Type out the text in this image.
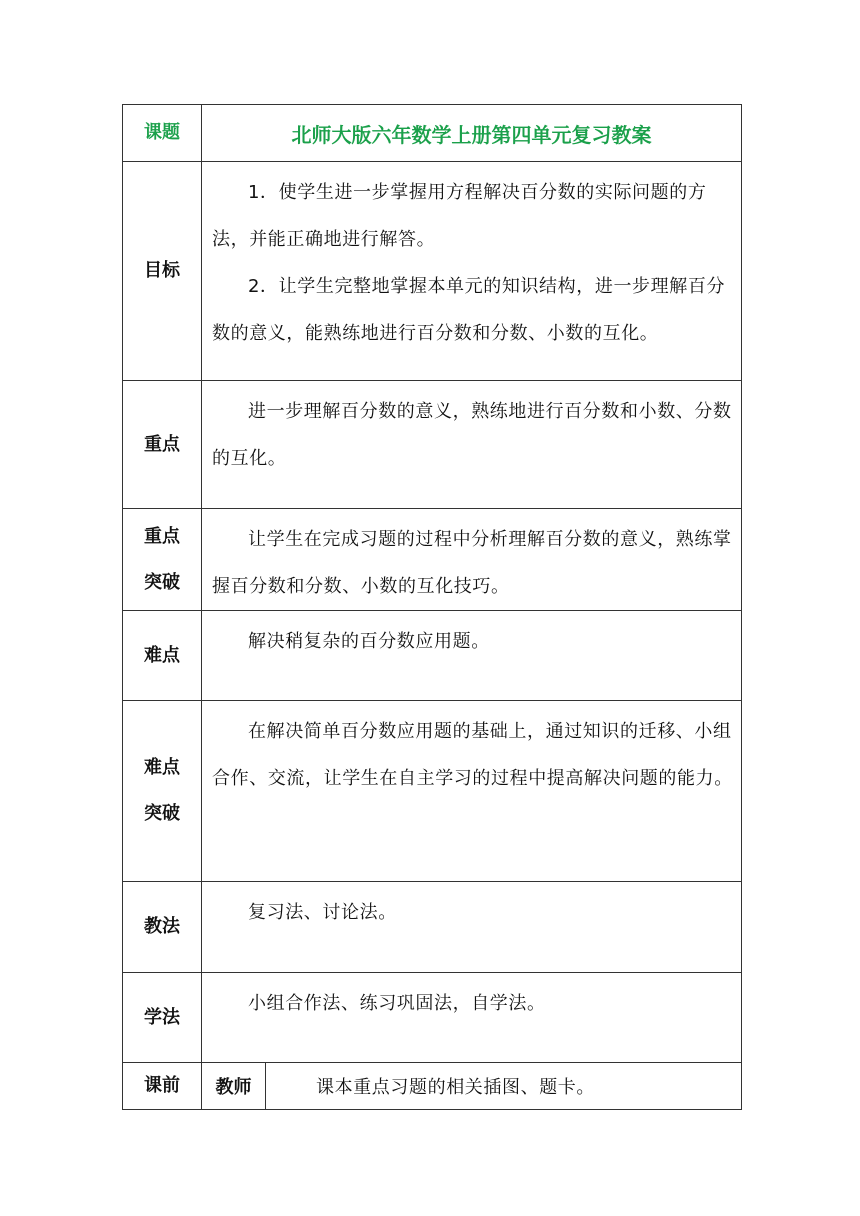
课题	北师大版六年数学上册第四单元复习教案	
目标	1．使学生进一步掌握用方程解决百分数的实际问题的方法，并能正确地进行解答。

2．让学生完整地掌握本单元的知识结构，进一步理解百分数的意义，能熟练地进行百分数和分数、小数的互化。	

重点	进一步理解百分数的意义，熟练地进行百分数和小数、分数的互化。	

重点
突破	让学生在完成习题的过程中分析理解百分数的意义，熟练掌握百分数和分数、小数的互化技巧。	

难点	解决稍复杂的百分数应用题。	

难点
突破	在解决简单百分数应用题的基础上，通过知识的迁移、小组合作、交流，让学生在自主学习的过程中提高解决问题的能力。	

教法	复习法、讨论法。	

学法	小组合作法、练习巩固法，自学法。	

课前	教师	课本重点习题的相关插图、题卡。
